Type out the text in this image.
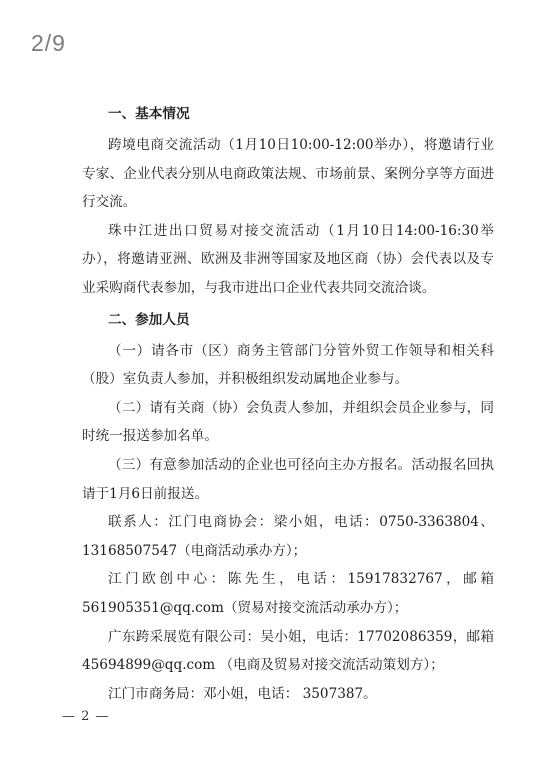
2/9
一、基本情况

跨境电商交流活动（1月10日10:00-12:00举办），将邀请行业专家、企业代表分别从电商政策法规、市场前景、案例分享等方面进行交流。

珠中江进出口贸易对接交流活动（1月10日14:00-16:30举办），将邀请亚洲、欧洲及非洲等国家及地区商（协）会代表以及专业采购商代表参加，与我市进出口企业代表共同交流洽谈。

二、参加人员

（一）请各市（区）商务主管部门分管外贸工作领导和相关科（股）室负责人参加，并积极组织发动属地企业参与。

（二）请有关商（协）会负责人参加，并组织会员企业参与，同时统一报送参加名单。

（三）有意参加活动的企业也可径向主办方报名。活动报名回执请于1月6日前报送。

联系人：江门电商协会：梁小姐，电话：0750-3363804、13168507547（电商活动承办方）；

江门欧创中心：陈先生，电话：15917832767，邮箱561905351@qq.com（贸易对接交流活动承办方）；

广东跨采展览有限公司：吴小姐，电话：17702086359，邮箱45694899@qq.com （电商及贸易对接交流活动策划方）；

江门市商务局：邓小姐，电话： 3507387。

— 2 —
